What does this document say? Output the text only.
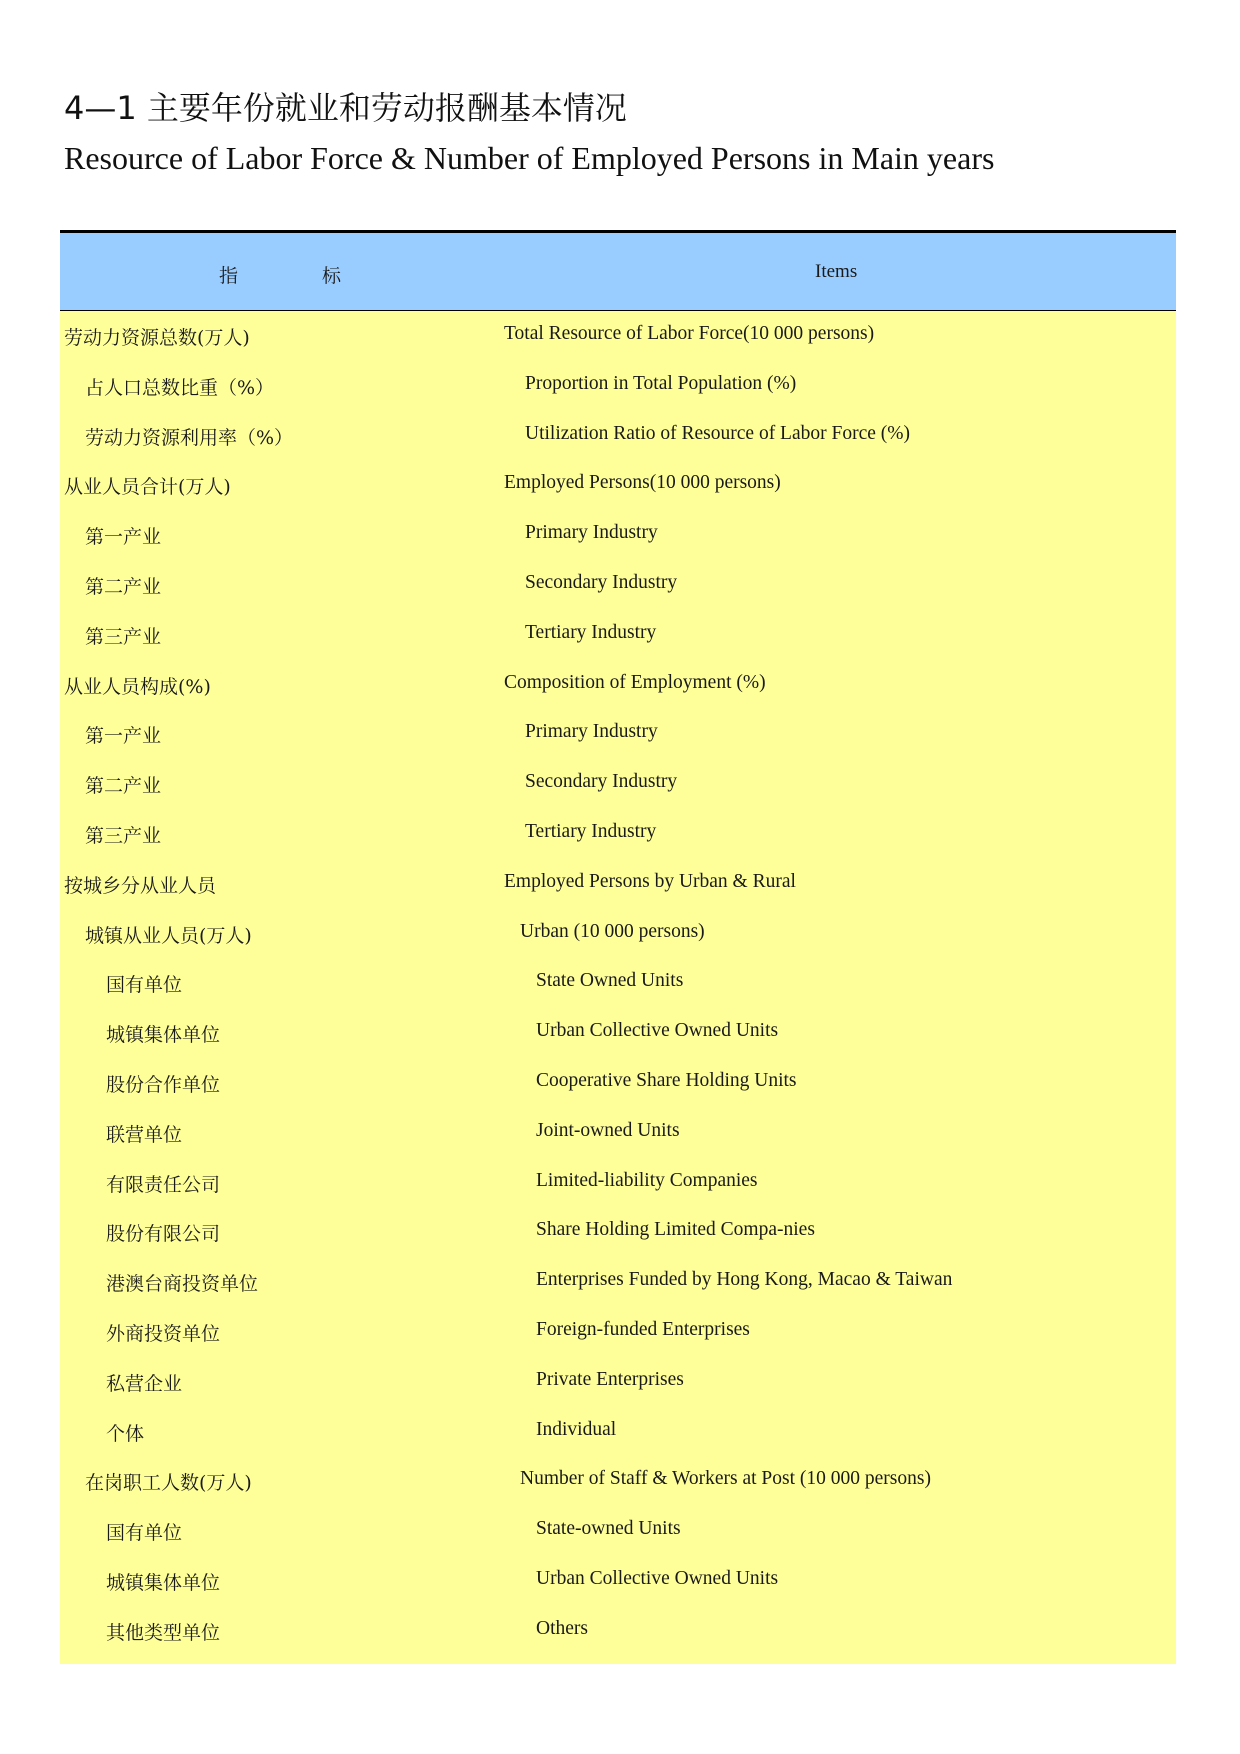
4—1 主要年份就业和劳动报酬基本情况
Resource of Labor Force & Number of Employed Persons in Main years
指	标	Items
劳动力资源总数(万人)	Total Resource of Labor Force(10 000 persons)
占人口总数比重（%）	Proportion in Total Population (%)
劳动力资源利用率（%）	Utilization Ratio of Resource of Labor Force (%)
从业人员合计(万人)	Employed Persons(10 000 persons)
第一产业	Primary Industry
第二产业	Secondary Industry
第三产业	Tertiary Industry
从业人员构成(%)	Composition of Employment (%)
第一产业	Primary Industry
第二产业	Secondary Industry
第三产业	Tertiary Industry
按城乡分从业人员	Employed Persons by Urban & Rural
城镇从业人员(万人)	Urban (10 000 persons)
国有单位	State Owned Units
城镇集体单位	Urban Collective Owned Units
股份合作单位	Cooperative Share Holding Units
联营单位	Joint-owned Units
有限责任公司	Limited-liability Companies
股份有限公司	Share Holding Limited Compa-nies
港澳台商投资单位	Enterprises Funded by Hong Kong, Macao & Taiwan
外商投资单位	Foreign-funded Enterprises
私营企业	Private Enterprises
个体	Individual
在岗职工人数(万人)	Number of Staff & Workers at Post (10 000 persons)
国有单位	State-owned Units
城镇集体单位	Urban Collective Owned Units
其他类型单位	Others
